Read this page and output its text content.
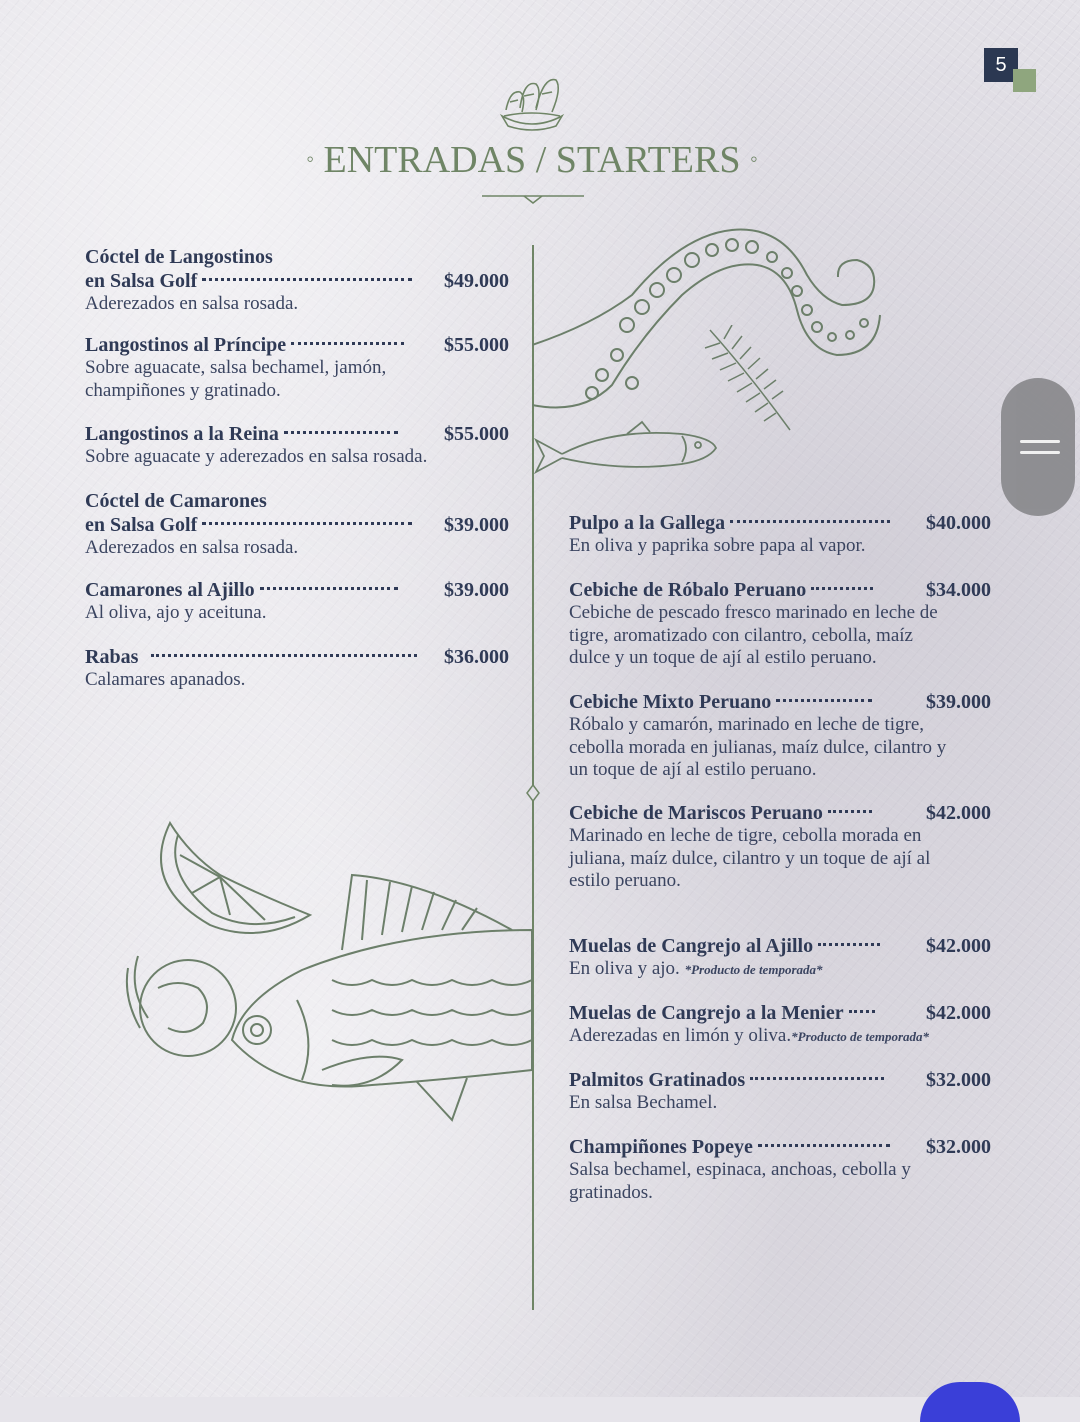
5
◦ ENTRADAS / STARTERS ◦
Cóctel de Langostinos
en Salsa Golf	$49.000
Aderezados en salsa rosada.
Langostinos al Príncipe	$55.000
Sobre aguacate, salsa bechamel, jamón,
champiñones y gratinado.
Langostinos a la Reina	$55.000
Sobre aguacate y aderezados en salsa rosada.
Cóctel de Camarones
en Salsa Golf	$39.000
Aderezados en salsa rosada.
Camarones al Ajillo	$39.000
Al oliva, ajo y aceituna.
Rabas	$36.000
Calamares apanados.
Pulpo a la Gallega	$40.000
En oliva y paprika sobre papa al vapor.
Cebiche de Róbalo Peruano	$34.000
Cebiche de pescado fresco marinado en leche de
tigre, aromatizado con cilantro, cebolla, maíz
dulce y un toque de ají al estilo peruano.
Cebiche Mixto Peruano	$39.000
Róbalo y camarón, marinado en leche de tigre,
cebolla morada en julianas, maíz dulce, cilantro y
un toque de ají al estilo peruano.
Cebiche de Mariscos Peruano	$42.000
Marinado en leche de tigre, cebolla morada en
juliana, maíz dulce, cilantro y un toque de ají al
estilo peruano.
Muelas de Cangrejo al Ajillo	$42.000
En oliva y ajo. *Producto de temporada*
Muelas de Cangrejo a la Menier	$42.000
Aderezadas en limón y oliva.*Producto de temporada*
Palmitos Gratinados	$32.000
En salsa Bechamel.
Champiñones Popeye	$32.000
Salsa bechamel, espinaca, anchoas, cebolla y
gratinados.
